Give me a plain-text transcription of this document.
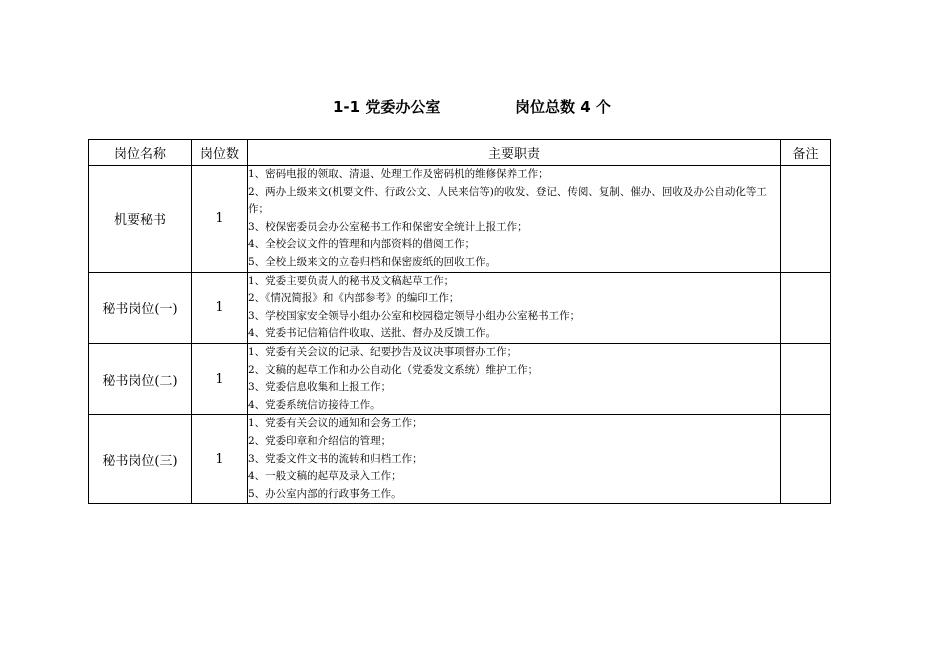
1-1 党委办公室	岗位总数 4 个
岗位名称	岗位数	主要职责	备注
机要秘书	1	1、密码电报的领取、清退、处理工作及密码机的维修保养工作；
2、两办上级来文(机要文件、行政公文、人民来信等)的收发、登记、传阅、复制、催办、回收及办公自动化等工作；
3、校保密委员会办公室秘书工作和保密安全统计上报工作；
4、全校会议文件的管理和内部资料的借阅工作；
5、全校上级来文的立卷归档和保密废纸的回收工作。	

秘书岗位(一)	1	1、党委主要负责人的秘书及文稿起草工作；
2、《情况简报》和《内部参考》的编印工作；
3、学校国家安全领导小组办公室和校园稳定领导小组办公室秘书工作；
4、党委书记信箱信件收取、送批、督办及反馈工作。	

秘书岗位(二)	1	1、党委有关会议的记录、纪要抄告及议决事项督办工作；
2、文稿的起草工作和办公自动化（党委发文系统）维护工作；
3、党委信息收集和上报工作；
4、党委系统信访接待工作。	

秘书岗位(三)	1	1、党委有关会议的通知和会务工作；
2、党委印章和介绍信的管理；
3、党委文件文书的流转和归档工作；
4、一般文稿的起草及录入工作；
5、办公室内部的行政事务工作。	
